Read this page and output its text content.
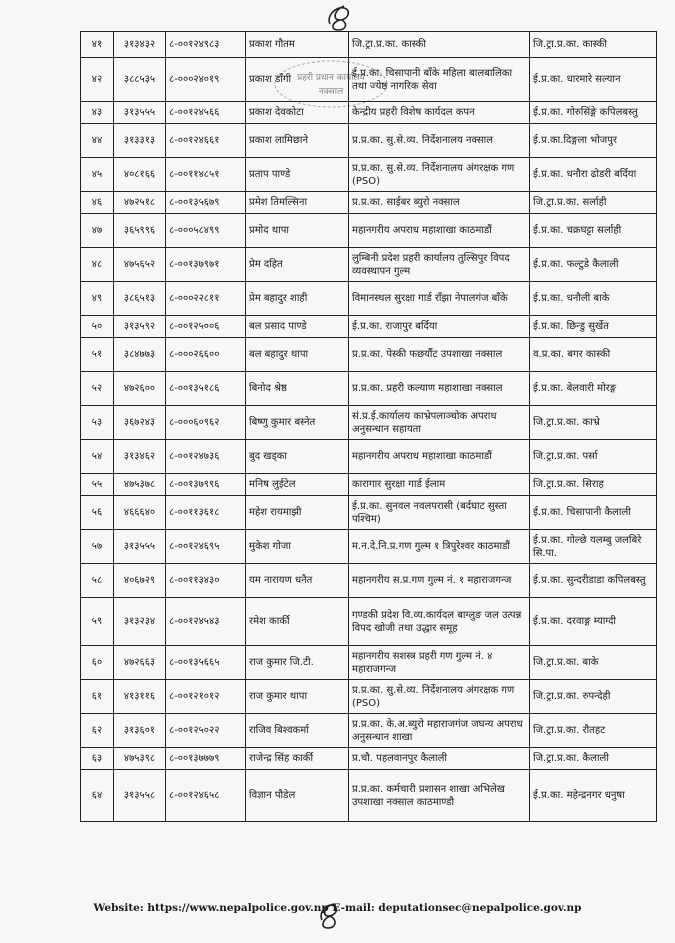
प्रहरी प्रधान कार्यालय
नक्साल
४१	३१३४३२	८-००१२४९८३	प्रकाश गौतम	जि.ट्रा.प्र.का. कास्की	जि.ट्रा.प्र.का. कास्की
४२	३८८५३५	८-०००२४०१९	प्रकाश डाँगी	ई.प्र.का. चिसापानी बाँके महिला बालबालिका तथा ज्येष्ठ नागरिक सेवा	ई.प्र.का. धारमारे सल्यान
४३	३१३५५५	८-००१२४५६६	प्रकाश देवकोटा	केन्द्रीय प्रहरी विशेष कार्यदल कपन	ई.प्र.का. गोरुसिंङ्गे कपिलबस्तु
४४	३१३३१३	८-००१२४६६१	प्रकाश लामिछाने	प्र.प्र.का. सु.से.व्य. निर्देशनालय नक्साल	ई.प्र.का.दिङ्गला भोजपुर
४५	४०८१६६	८-००११४८५१	प्रताप पाण्डे	प्र.प्र.का. सु.से.व्य. निर्देशनालय अंगरक्षक गण (PSO)	ई.प्र.का. धनौरा ढोडरी बर्दिया
४६	४७२५१८	८-००१३५६७९	प्रमेश तिमल्सिना	प्र.प्र.का. साईबर ब्युरो नक्साल	जि.ट्रा.प्र.का. सर्लाही
४७	३६५९९६	८-०००५८४९९	प्रमोद थापा	महानगरीय अपराध महाशाखा काठमाडौं	ई.प्र.का. चक्रघट्टा सर्लाही
४८	४७५६५२	८-००१३७९७१	प्रेम दहित	लुम्बिनी प्रदेश प्रहरी कार्यालय तुल्सिपुर विपद व्यवस्थापन गुल्म	ई.प्र.का. फल्टुडे कैलाली
४९	३८६५१३	८-०००२२८११	प्रेम बहादुर शाही	विमानस्थल सुरक्षा गार्ड राँझा नेपालगंज बाँके	ई.प्र.का. धनौली बाके
५०	३१३५९२	८-००१२५००६	बल प्रसाद पाण्डे	ई.प्र.का. राजापुर बर्दिया	ई.प्र.का. छिन्डु सुर्खेत
५१	३८४७७३	८-०००२६६००	बल बहादुर थापा	प्र.प्र.का. पेस्की फछर्यौट उपशाखा नक्साल	व.प्र.का. बगर कास्की
५२	४७२६००	८-००१३५१८६	बिनोद श्रेष्ठ	प्र.प्र.का. प्रहरी कल्याण महाशाखा नक्साल	ई.प्र.का. बेलवारी मोरङ्ग
५३	३६७२४३	८-०००६०९६२	बिष्णु कुमार बस्नेत	सं.प्र.ई.कार्यालय काभ्रेपलाञ्चोक अपराध अनुसन्धान सहायता	जि.ट्रा.प्र.का. काभ्रे
५४	३१३४६२	८-००१२४७३६	बुद खड्का	महानगरीय अपराध महाशाखा काठमाडौं	जि.ट्रा.प्र.का. पर्सा
५५	४७५३७८	८-००१३७९९६	मनिष लुईटेल	कारागार सुरक्षा गार्ड ईलाम	जि.ट्रा.प्र.का. सिराह
५६	४६६६४०	८-००११३६१८	महेश रायमाझी	ई.प्र.का. सुनवल नवलपरासी (बर्दघाट सुस्ता पश्चिम)	ई.प्र.का. चिसापानी कैलाली
५७	३१३५५५	८-००१२४६९५	मुकेश गोजा	म.न.दे.नि.प्र.गण गुल्म १ त्रिपुरेश्वर काठमाडौं	ई.प्र.का. गोल्छे यलम्बु जलबिरे सि.पा.
५८	४०६७२९	८-००११३४३०	यम नारायण धनैत	महानगरीय स.प्र.गण गुल्म नं. १ महाराजगन्ज	ई.प्र.का. सुन्दरीडाडा कपिलबस्तु
५९	३१३२३४	८-००१२४५४३	रमेश कार्की	गण्डकी प्रदेश वि.व्य.कार्यदल बाग्लुङ जल उत्पन्न विपद खोजी तथा उद्धार समूह	ई.प्र.का. दरवाङ्ग म्याग्दी
६०	४७२६६३	८-००१३५६६५	राज कुमार जि.टी.	महानगरीय सशस्त्र प्रहरी गण गुल्म नं. ४ महाराजगन्ज	जि.ट्रा.प्र.का. बाके
६१	४१३११६	८-००१२१०१२	राज कुमार थापा	प्र.प्र.का. सु.से.व्य. निर्देशनालय अंगरक्षक गण (PSO)	जि.ट्रा.प्र.का. रुपन्देही
६२	३१३६०१	८-००१२५०२२	राजिव बिश्वकर्मा	प्र.प्र.का. के.अ.ब्युरो महाराजगंज जघन्य अपराध अनुसन्धान शाखा	जि.ट्रा.प्र.का. रौतहट
६३	४७५३९८	८-००१३७७७९	राजेन्द्र सिंह कार्की	प्र.चौ. पहलवानपुर कैलाली	जि.ट्रा.प्र.का. कैलाली
६४	३१३५५८	८-००१२४६५८	विज्ञान पौडेल	प्र.प्र.का. कर्मचारी प्रशासन शाखा अभिलेख उपशाखा नक्साल काठमाण्डौ	ई.प्र.का. महेन्द्रनगर धनुषा
Website: https://www.nepalpolice.gov.np E-mail: deputationsec@nepalpolice.gov.np
